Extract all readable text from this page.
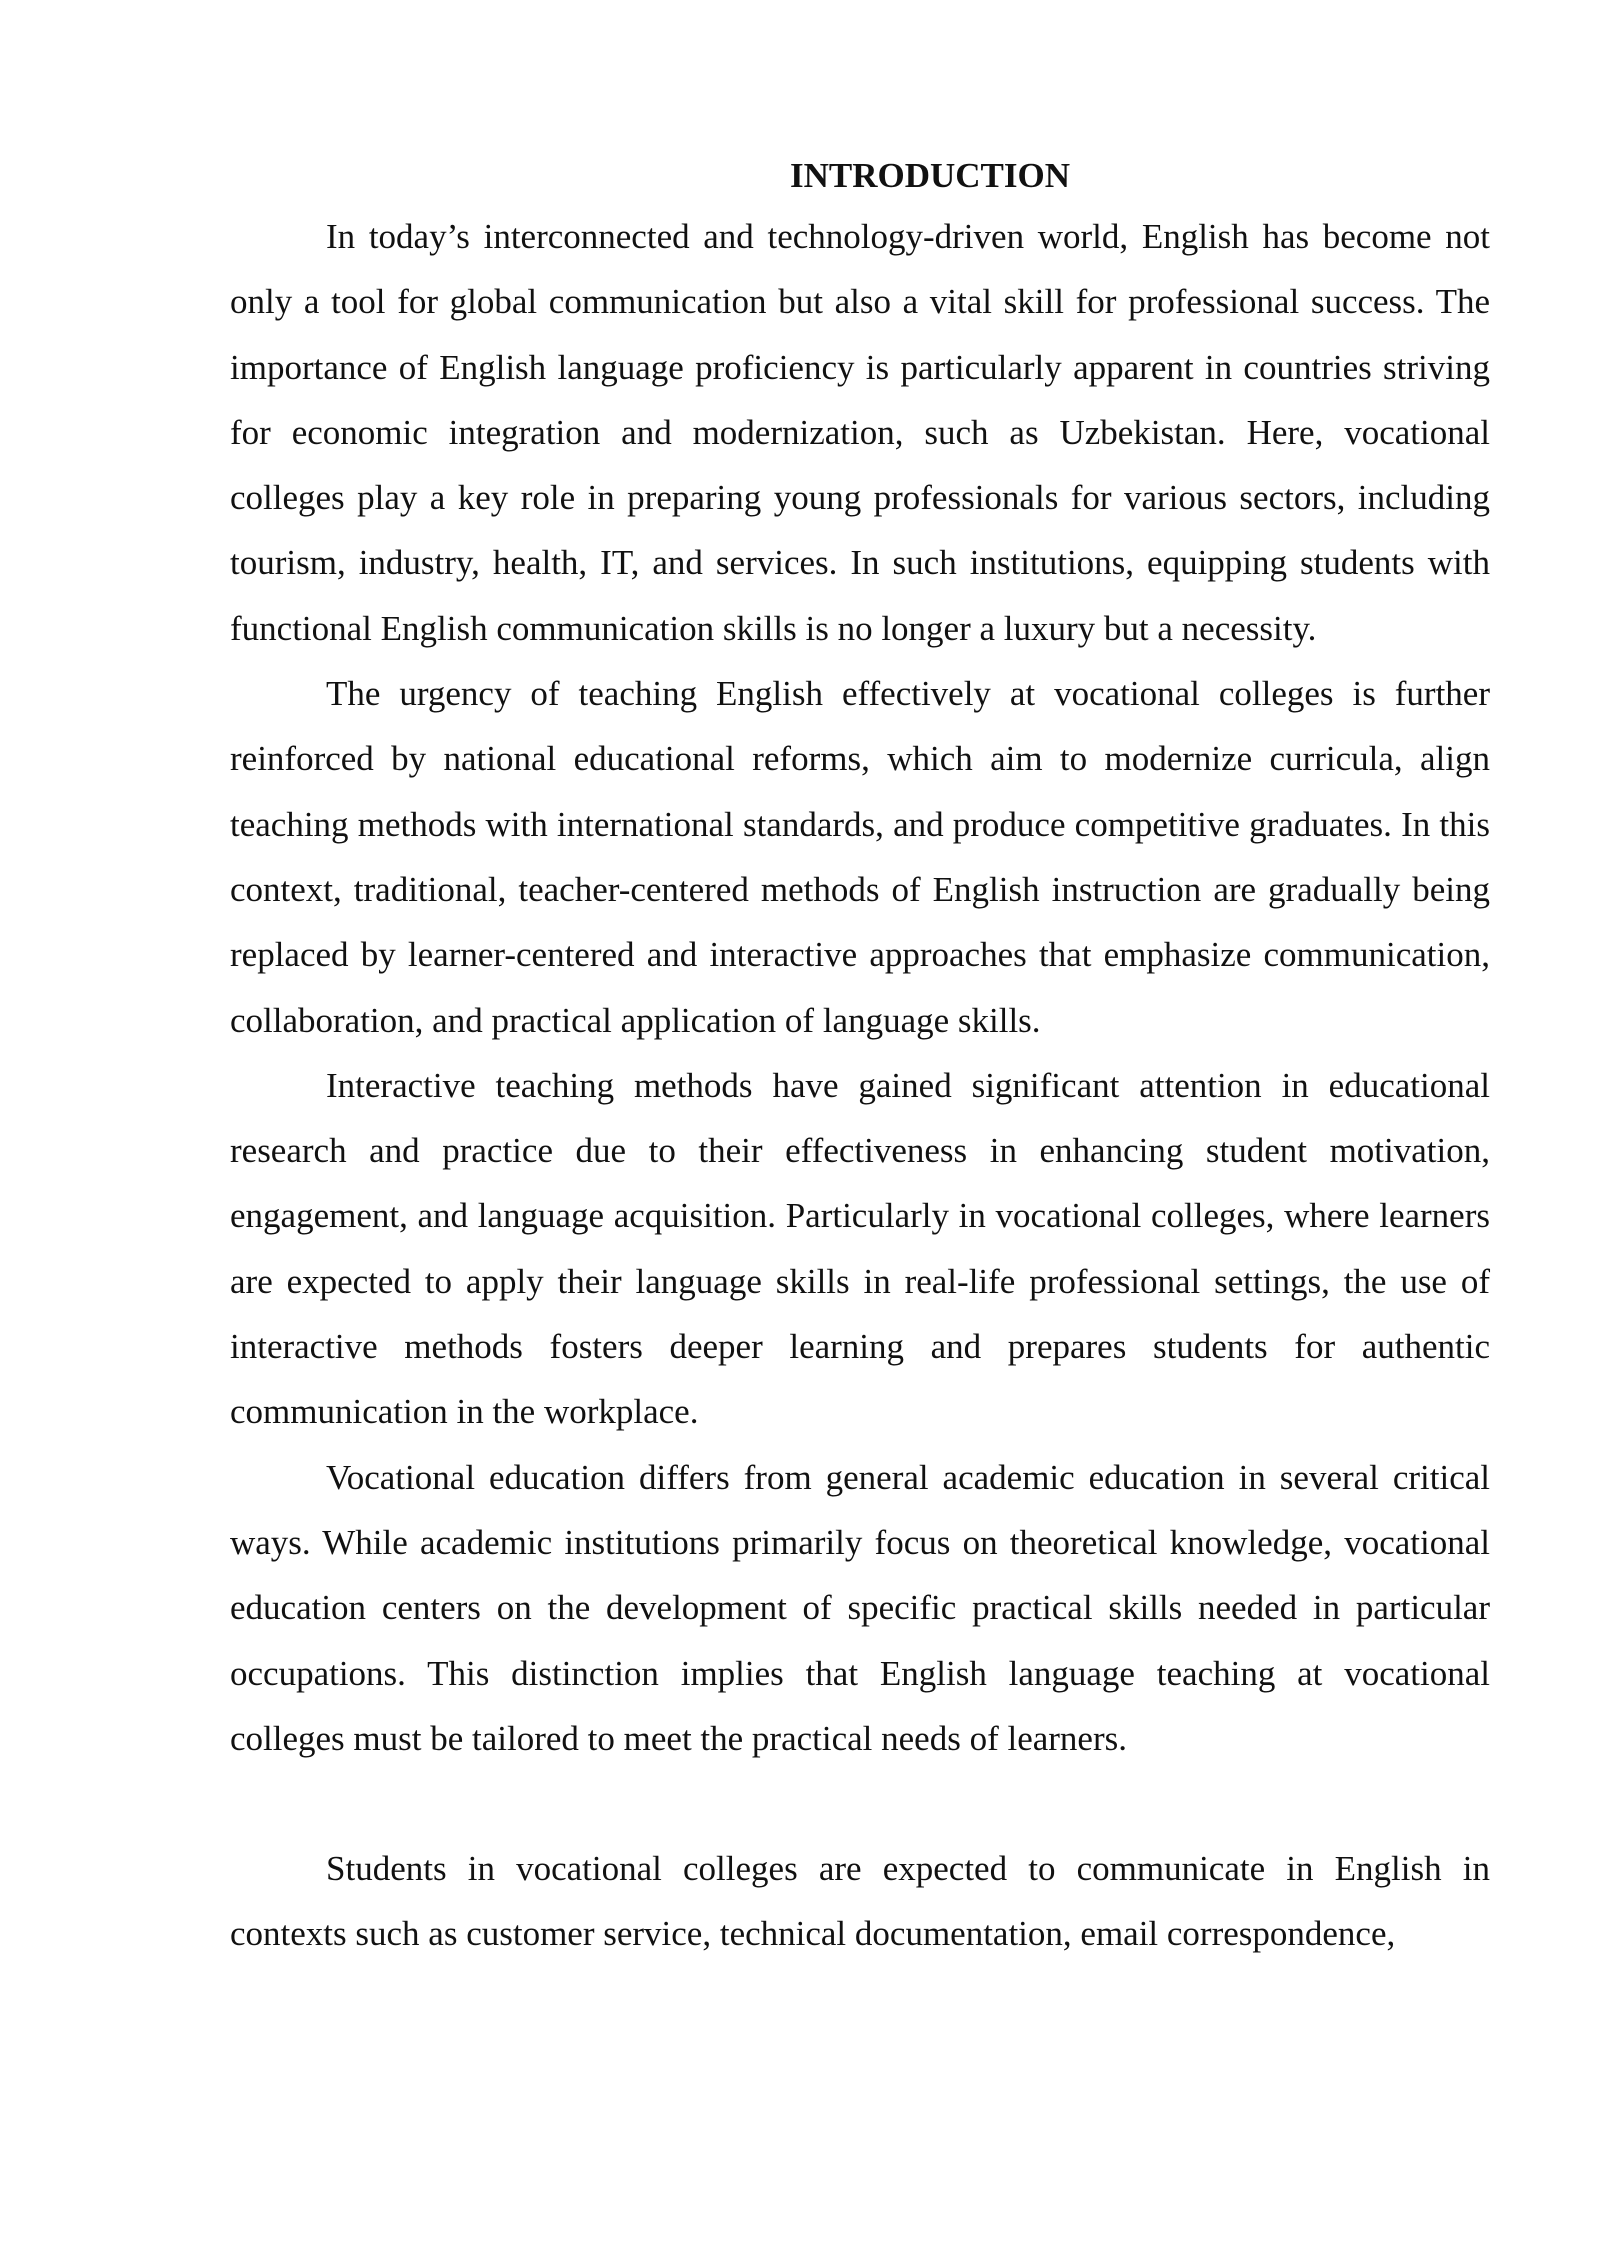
INTRODUCTION

In today’s interconnected and technology-driven world, English has become not only a tool for global communication but also a vital skill for professional success. The importance of English language proficiency is particularly apparent in countries striving for economic integration and modernization, such as Uzbekistan. Here, vocational colleges play a key role in preparing young professionals for various sectors, including tourism, industry, health, IT, and services. In such institutions, equipping students with functional English communication skills is no longer a luxury but a necessity.

The urgency of teaching English effectively at vocational colleges is further reinforced by national educational reforms, which aim to modernize curricula, align teaching methods with international standards, and produce competitive graduates. In this context, traditional, teacher-centered methods of English instruction are gradually being replaced by learner-centered and interactive approaches that emphasize communication, collaboration, and practical application of language skills.

Interactive teaching methods have gained significant attention in educational research and practice due to their effectiveness in enhancing student motivation, engagement, and language acquisition. Particularly in vocational colleges, where learners are expected to apply their language skills in real-life professional settings, the use of interactive methods fosters deeper learning and prepares students for authentic communication in the workplace.

Vocational education differs from general academic education in several critical ways. While academic institutions primarily focus on theoretical knowledge, vocational education centers on the development of specific practical skills needed in particular occupations. This distinction implies that English language teaching at vocational colleges must be tailored to meet the practical needs of learners.

Students in vocational colleges are expected to communicate in English in contexts such as customer service, technical documentation, email correspondence,
